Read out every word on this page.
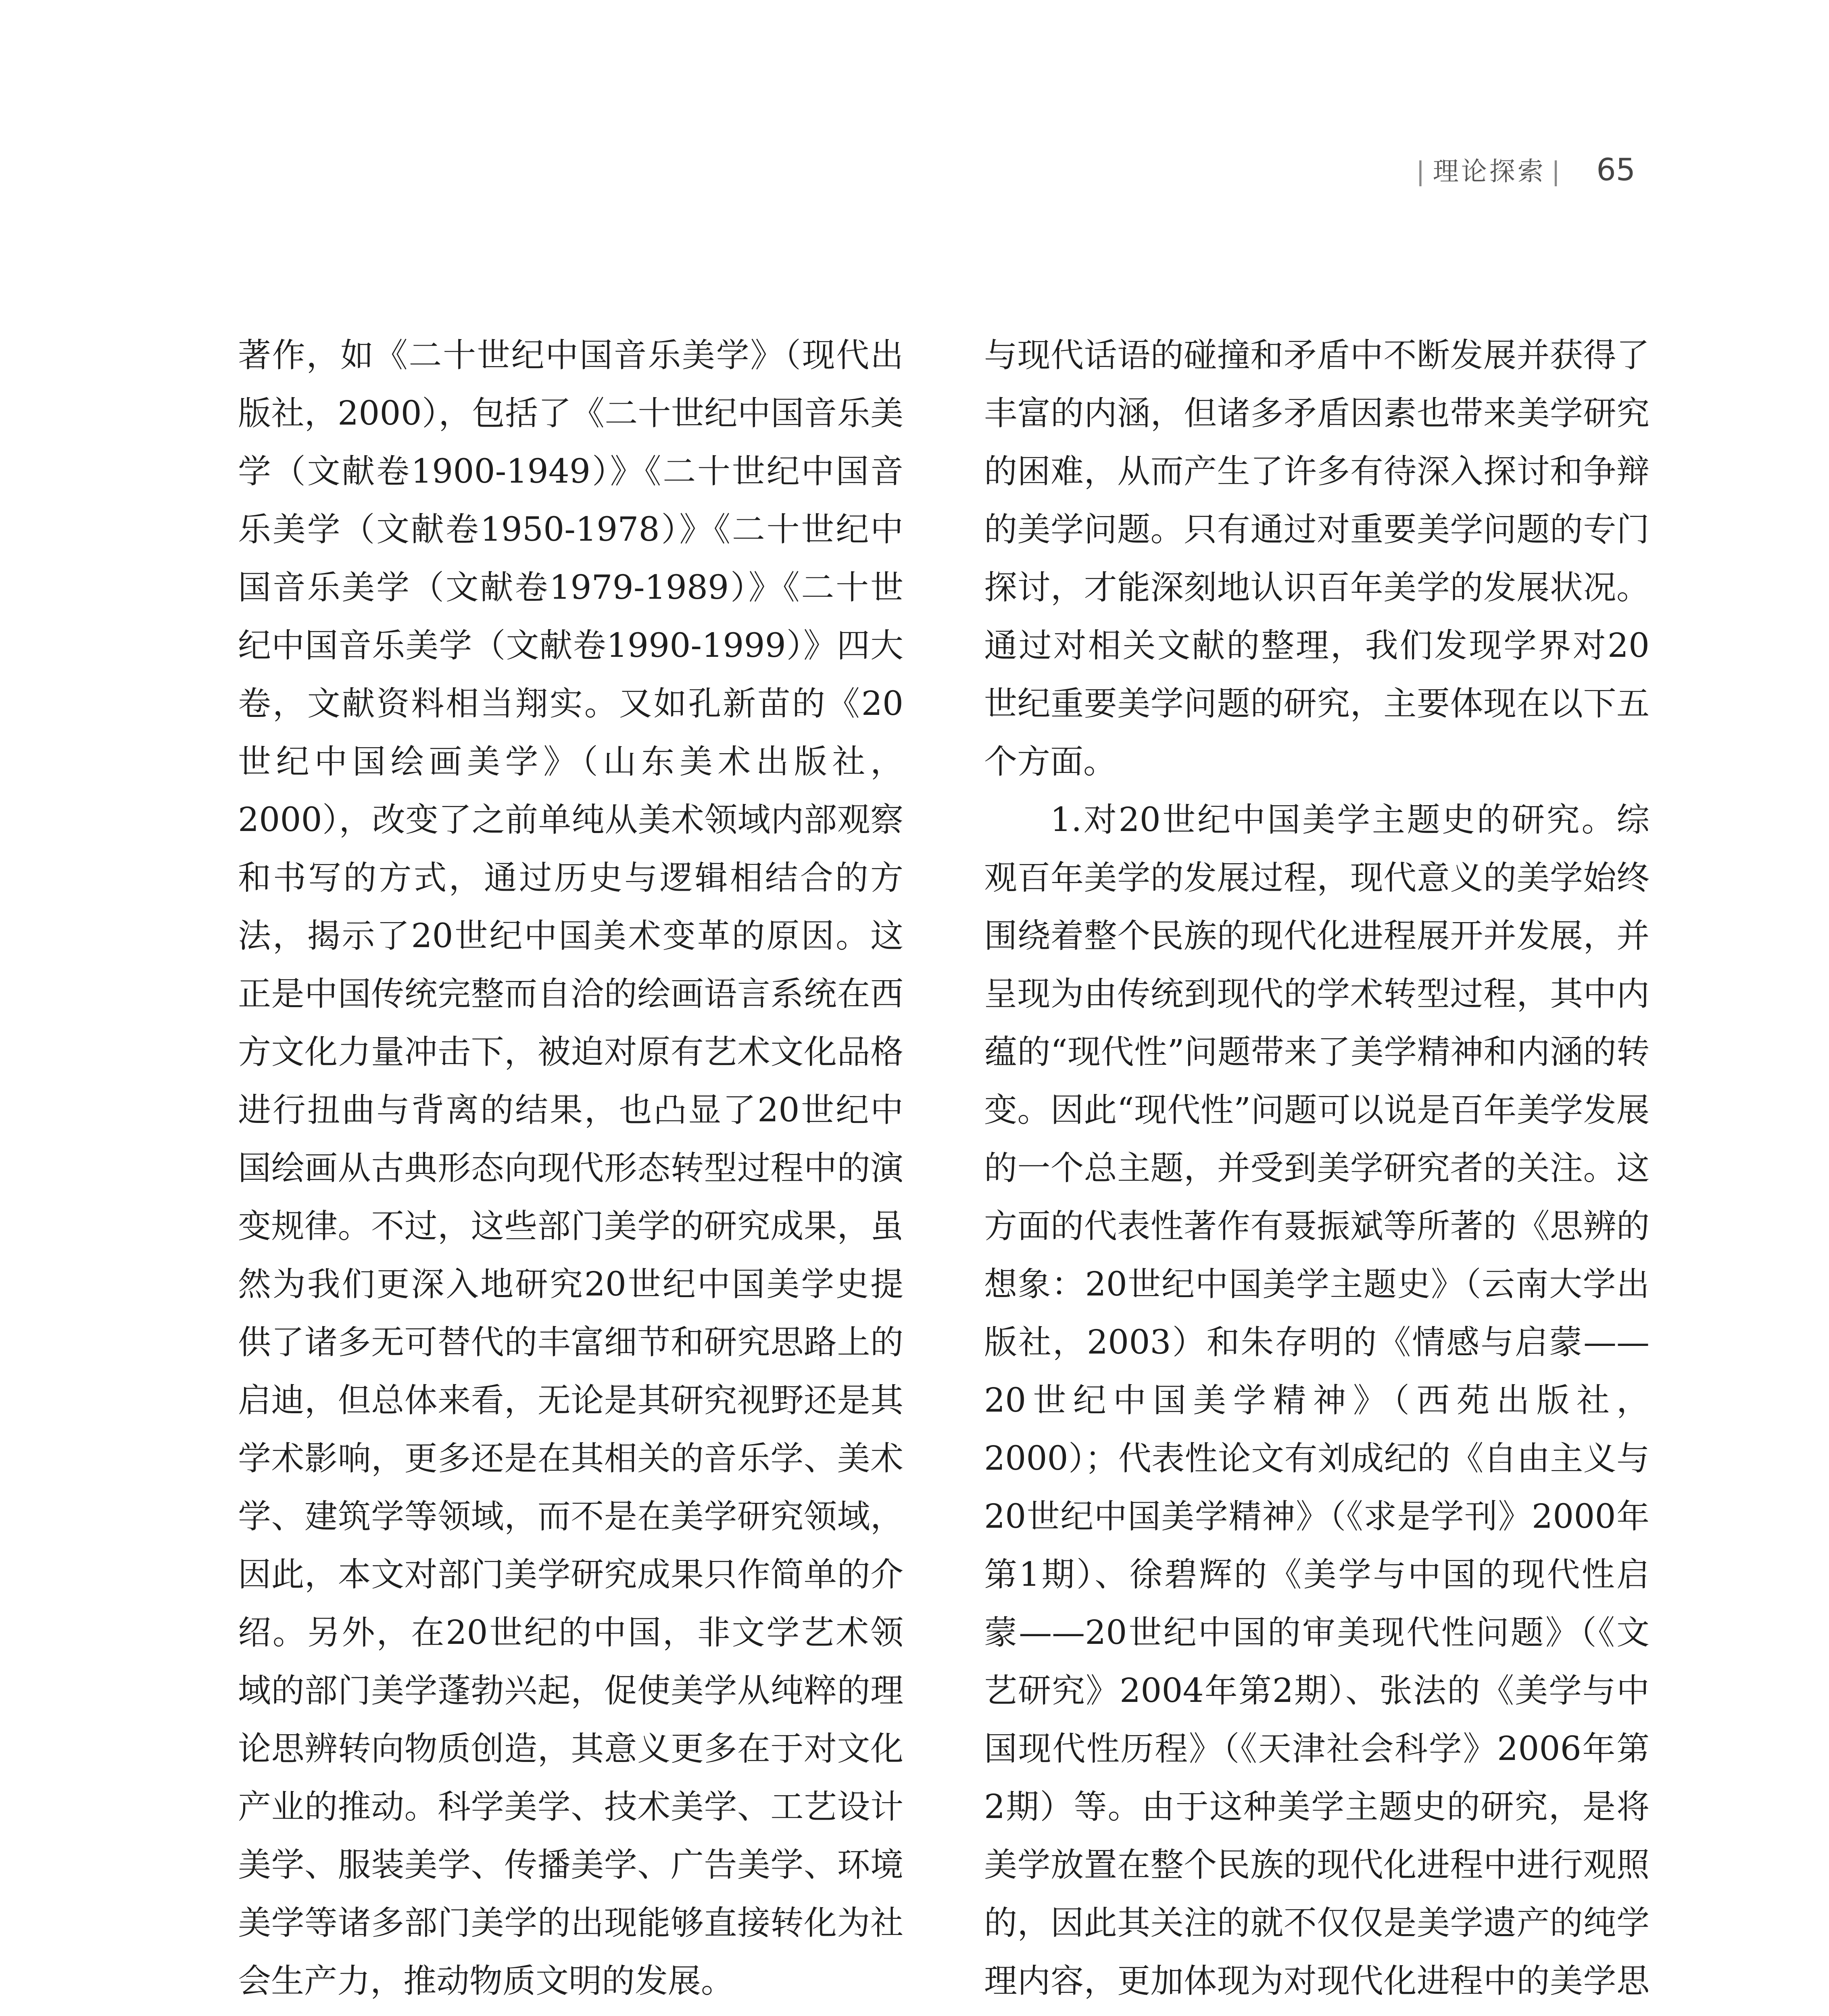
| 理论探索 | 65

著作，如《二十世纪中国音乐美学》（现代出版社，2000），包括了《二十世纪中国音乐美学（文献卷1900-1949）》《二十世纪中国音乐美学（文献卷1950-1978）》《二十世纪中国音乐美学（文献卷1979-1989）》《二十世纪中国音乐美学（文献卷1990-1999）》四大卷，文献资料相当翔实。又如孔新苗的《20世纪中国绘画美学》（山东美术出版社，2000），改变了之前单纯从美术领域内部观察和书写的方式，通过历史与逻辑相结合的方法，揭示了20世纪中国美术变革的原因。这正是中国传统完整而自洽的绘画语言系统在西方文化力量冲击下，被迫对原有艺术文化品格进行扭曲与背离的结果，也凸显了20世纪中国绘画从古典形态向现代形态转型过程中的演变规律。不过，这些部门美学的研究成果，虽然为我们更深入地研究20世纪中国美学史提供了诸多无可替代的丰富细节和研究思路上的启迪，但总体来看，无论是其研究视野还是其学术影响，更多还是在其相关的音乐学、美术学、建筑学等领域，而不是在美学研究领域，因此，本文对部门美学研究成果只作简单的介绍。另外，在20世纪的中国，非文学艺术领域的部门美学蓬勃兴起，促使美学从纯粹的理论思辨转向物质创造，其意义更多在于对文化产业的推动。科学美学、技术美学、工艺设计美学、服装美学、传播美学、广告美学、环境美学等诸多部门美学的出现能够直接转化为社会生产力，推动物质文明的发展。

与现代话语的碰撞和矛盾中不断发展并获得了丰富的内涵，但诸多矛盾因素也带来美学研究的困难，从而产生了许多有待深入探讨和争辩的美学问题。只有通过对重要美学问题的专门探讨，才能深刻地认识百年美学的发展状况。通过对相关文献的整理，我们发现学界对20世纪重要美学问题的研究，主要体现在以下五个方面。

1.对20世纪中国美学主题史的研究。综观百年美学的发展过程，现代意义的美学始终围绕着整个民族的现代化进程展开并发展，并呈现为由传统到现代的学术转型过程，其中内蕴的“现代性”问题带来了美学精神和内涵的转变。因此“现代性”问题可以说是百年美学发展的一个总主题，并受到美学研究者的关注。这方面的代表性著作有聂振斌等所著的《思辨的想象：20世纪中国美学主题史》（云南大学出版社，2003）和朱存明的《情感与启蒙——20世纪中国美学精神》（西苑出版社，2000）；代表性论文有刘成纪的《自由主义与20世纪中国美学精神》（《求是学刊》2000年第1期）、徐碧辉的《美学与中国的现代性启蒙——20世纪中国的审美现代性问题》（《文艺研究》2004年第2期）、张法的《美学与中国现代性历程》（《天津社会科学》2006年第2期）等。由于这种美学主题史的研究，是将美学放置在整个民族的现代化进程中进行观照的，因此其关注的就不仅仅是美学遗产的纯学理内容，更加体现为对现代化进程中的美学思
